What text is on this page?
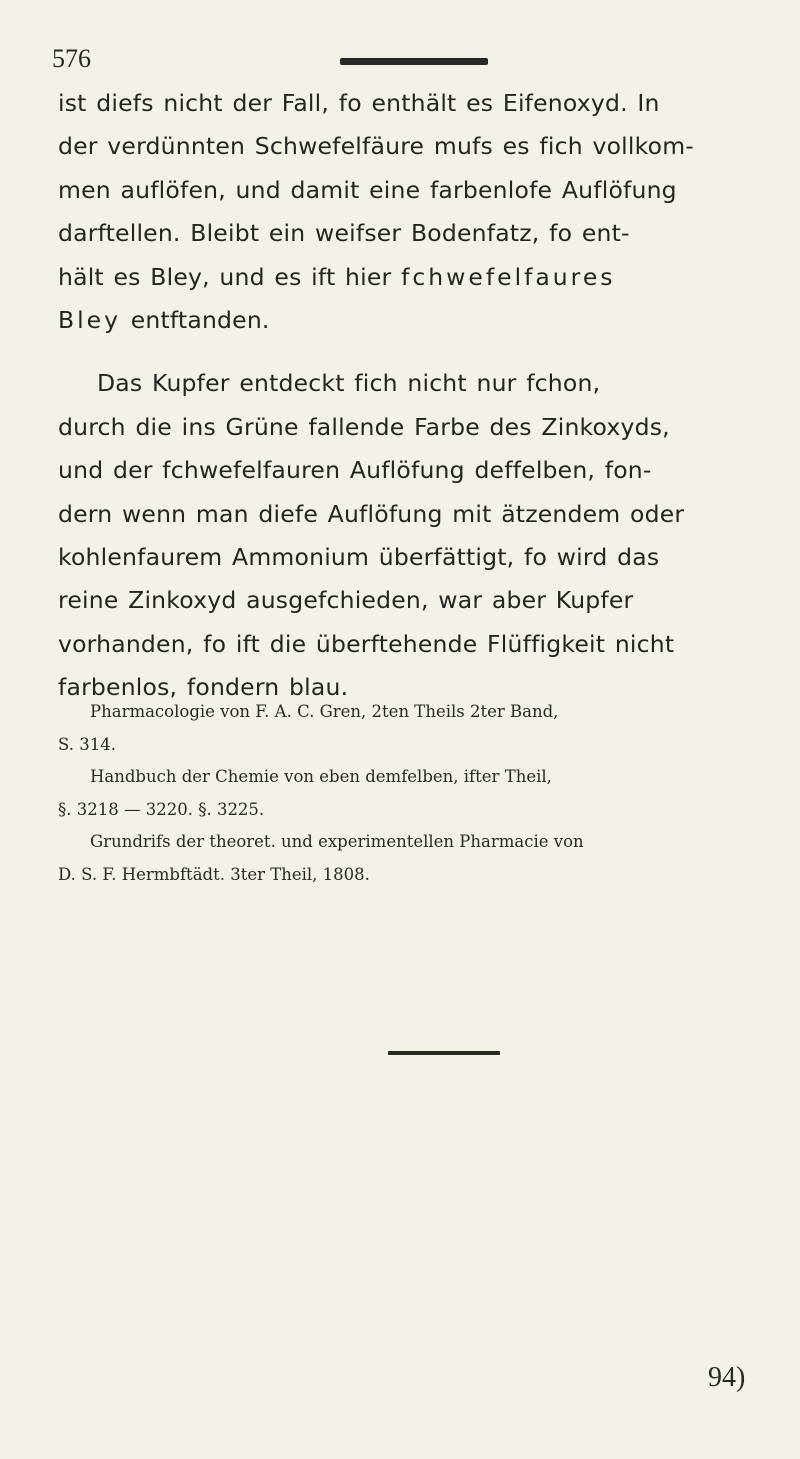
576

ist diefs nicht der Fall, fo enthält es Eifenoxyd. In
der verdünnten Schwefelfäure mufs es fich vollkom-
men auflöfen, und damit eine farbenlofe Auflöfung
darftellen. Bleibt ein weifser Bodenfatz, fo ent-
hält es Bley, und es ift hier fchwefelfaures
Bley entftanden.

Das Kupfer entdeckt fich nicht nur fchon,
durch die ins Grüne fallende Farbe des Zinkoxyds,
und der fchwefelfauren Auflöfung deffelben, fon-
dern wenn man diefe Auflöfung mit ätzendem oder
kohlenfaurem Ammonium überfättigt, fo wird das
reine Zinkoxyd ausgefchieden, war aber Kupfer
vorhanden, fo ift die überftehende Flüffigkeit nicht
farbenlos, fondern blau.

Pharmacologie von F. A. C. Gren, 2ten Theils 2ter Band,
S. 314.
Handbuch der Chemie von eben demfelben, ifter Theil,
§. 3218 — 3220. §. 3225.
Grundrifs der theoret. und experimentellen Pharmacie von
D. S. F. Hermbftädt. 3ter Theil, 1808.
94)
